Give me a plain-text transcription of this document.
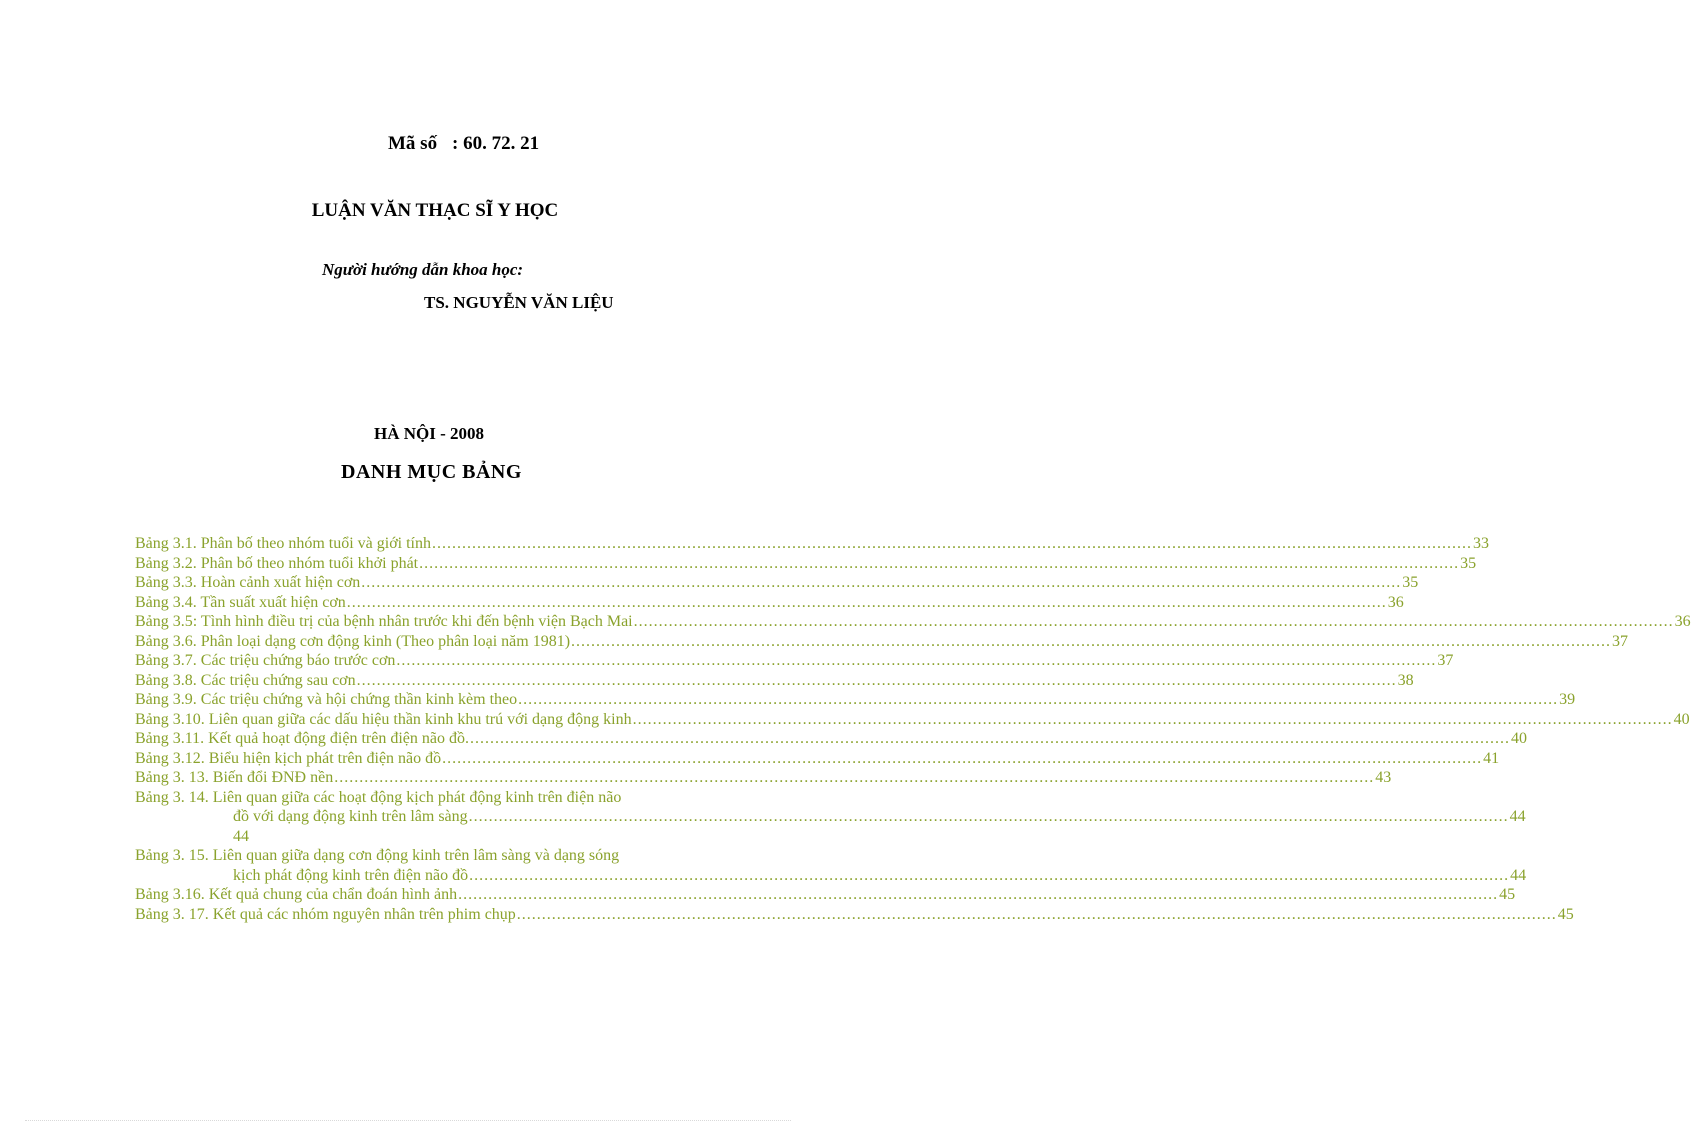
Mã số : 60. 72. 21
LUẬN VĂN THẠC SĨ Y HỌC
Người hướng dẫn khoa học:
TS. NGUYỄN VĂN LIỆU
HÀ NỘI - 2008
DANH MỤC BẢNG
Bảng 3.1. Phân bố theo nhóm tuổi và giới tính .....	33
Bảng 3.2. Phân bố theo nhóm tuổi khởi phát .....	35
Bảng 3.3. Hoàn cảnh xuất hiện cơn .....	35
Bảng 3.4. Tần suất xuất hiện cơn .....	36
Bảng 3.5: Tình hình điều trị của bệnh nhân trước khi đến bệnh viện Bạch Mai .....	36
Bảng 3.6. Phân loại dạng cơn động kinh (Theo phân loại năm 1981) .....	37
Bảng 3.7. Các triệu chứng báo trước cơn .....	37
Bảng 3.8. Các triệu chứng sau cơn .....	38
Bảng 3.9. Các triệu chứng và hội chứng thần kinh kèm theo .....	39
Bảng 3.10. Liên quan giữa các dấu hiệu thần kinh khu trú với dạng động kinh .....	40
Bảng 3.11. Kết quả hoạt động điện trên điện não đồ. .....	40
Bảng 3.12. Biểu hiện kịch phát trên điện não đồ .....	41
Bảng 3. 13. Biến đổi ĐNĐ nền .....	43
Bảng 3. 14. Liên quan giữa các hoạt động kịch phát động kinh trên điện não
đồ với dạng động kinh trên lâm sàng .....	44
44
Bảng 3. 15. Liên quan giữa dạng cơn động kinh trên lâm sàng và dạng sóng
kịch phát động kinh trên điện não đồ .....	44
Bảng 3.16. Kết quả chung của chẩn đoán hình ảnh .....	45
Bảng 3. 17. Kết quả các nhóm nguyên nhân trên phim chụp .....	45
